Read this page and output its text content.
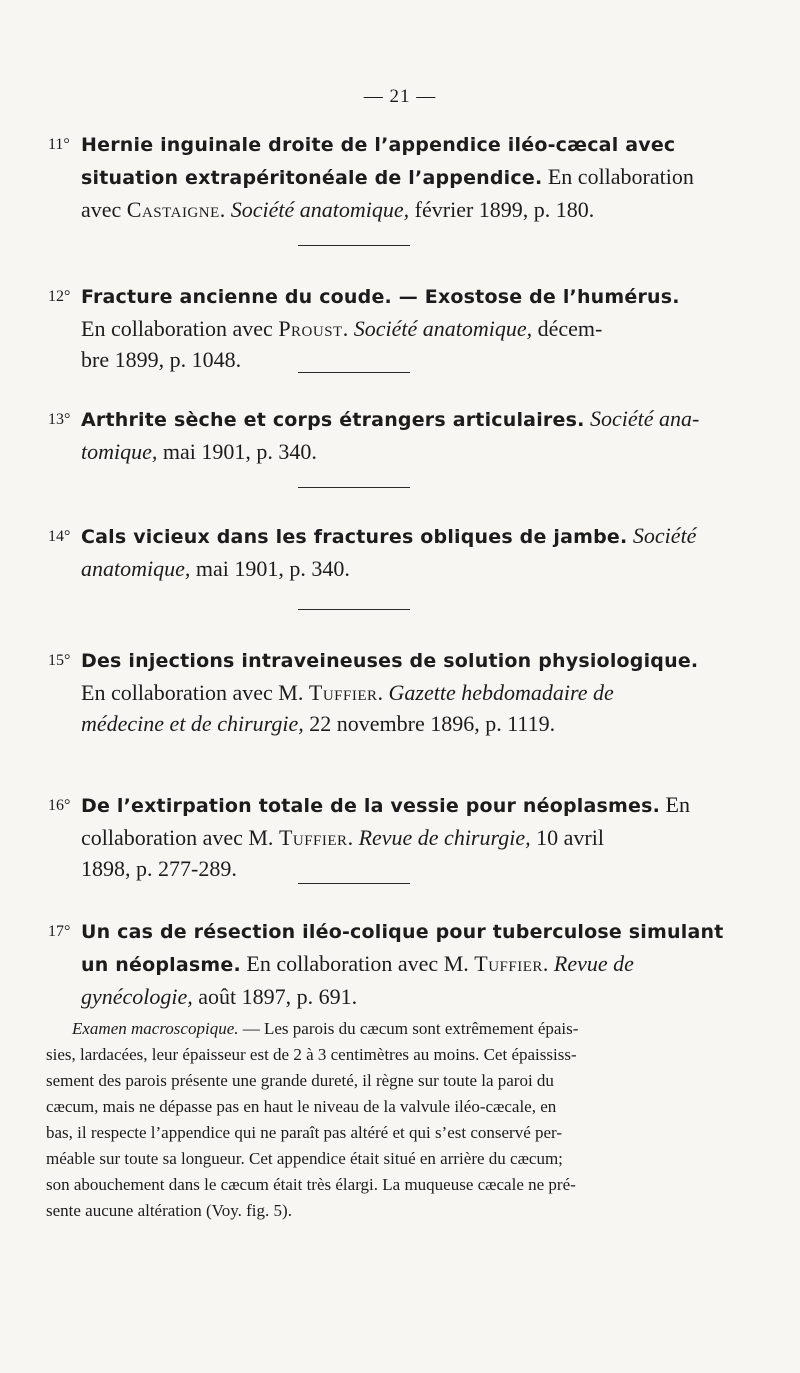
— 21 —
11° Hernie inguinale droite de l’appendice iléo-cæcal avec
situation extrapéritonéale de l’appendice. En collaboration
avec Castaigne. Société anatomique, février 1899, p. 180.
12° Fracture ancienne du coude. — Exostose de l’humérus.
En collaboration avec Proust. Société anatomique, décem-
bre 1899, p. 1048.
13° Arthrite sèche et corps étrangers articulaires. Société ana-
tomique, mai 1901, p. 340.
14° Cals vicieux dans les fractures obliques de jambe. Société
anatomique, mai 1901, p. 340.
15° Des injections intraveineuses de solution physiologique.
En collaboration avec M. Tuffier. Gazette hebdomadaire de
médecine et de chirurgie, 22 novembre 1896, p. 1119.
16° De l’extirpation totale de la vessie pour néoplasmes. En
collaboration avec M. Tuffier. Revue de chirurgie, 10 avril
1898, p. 277-289.
17° Un cas de résection iléo-colique pour tuberculose simulant
un néoplasme. En collaboration avec M. Tuffier. Revue de
gynécologie, août 1897, p. 691.
Examen macroscopique. — Les parois du cæcum sont extrêmement épais-
sies, lardacées, leur épaisseur est de 2 à 3 centimètres au moins. Cet épaississ-
sement des parois présente une grande dureté, il règne sur toute la paroi du
cæcum, mais ne dépasse pas en haut le niveau de la valvule iléo-cæcale, en
bas, il respecte l’appendice qui ne paraît pas altéré et qui s’est conservé per-
méable sur toute sa longueur. Cet appendice était situé en arrière du cæcum;
son abouchement dans le cæcum était très élargi. La muqueuse cæcale ne pré-
sente aucune altération (Voy. fig. 5).
